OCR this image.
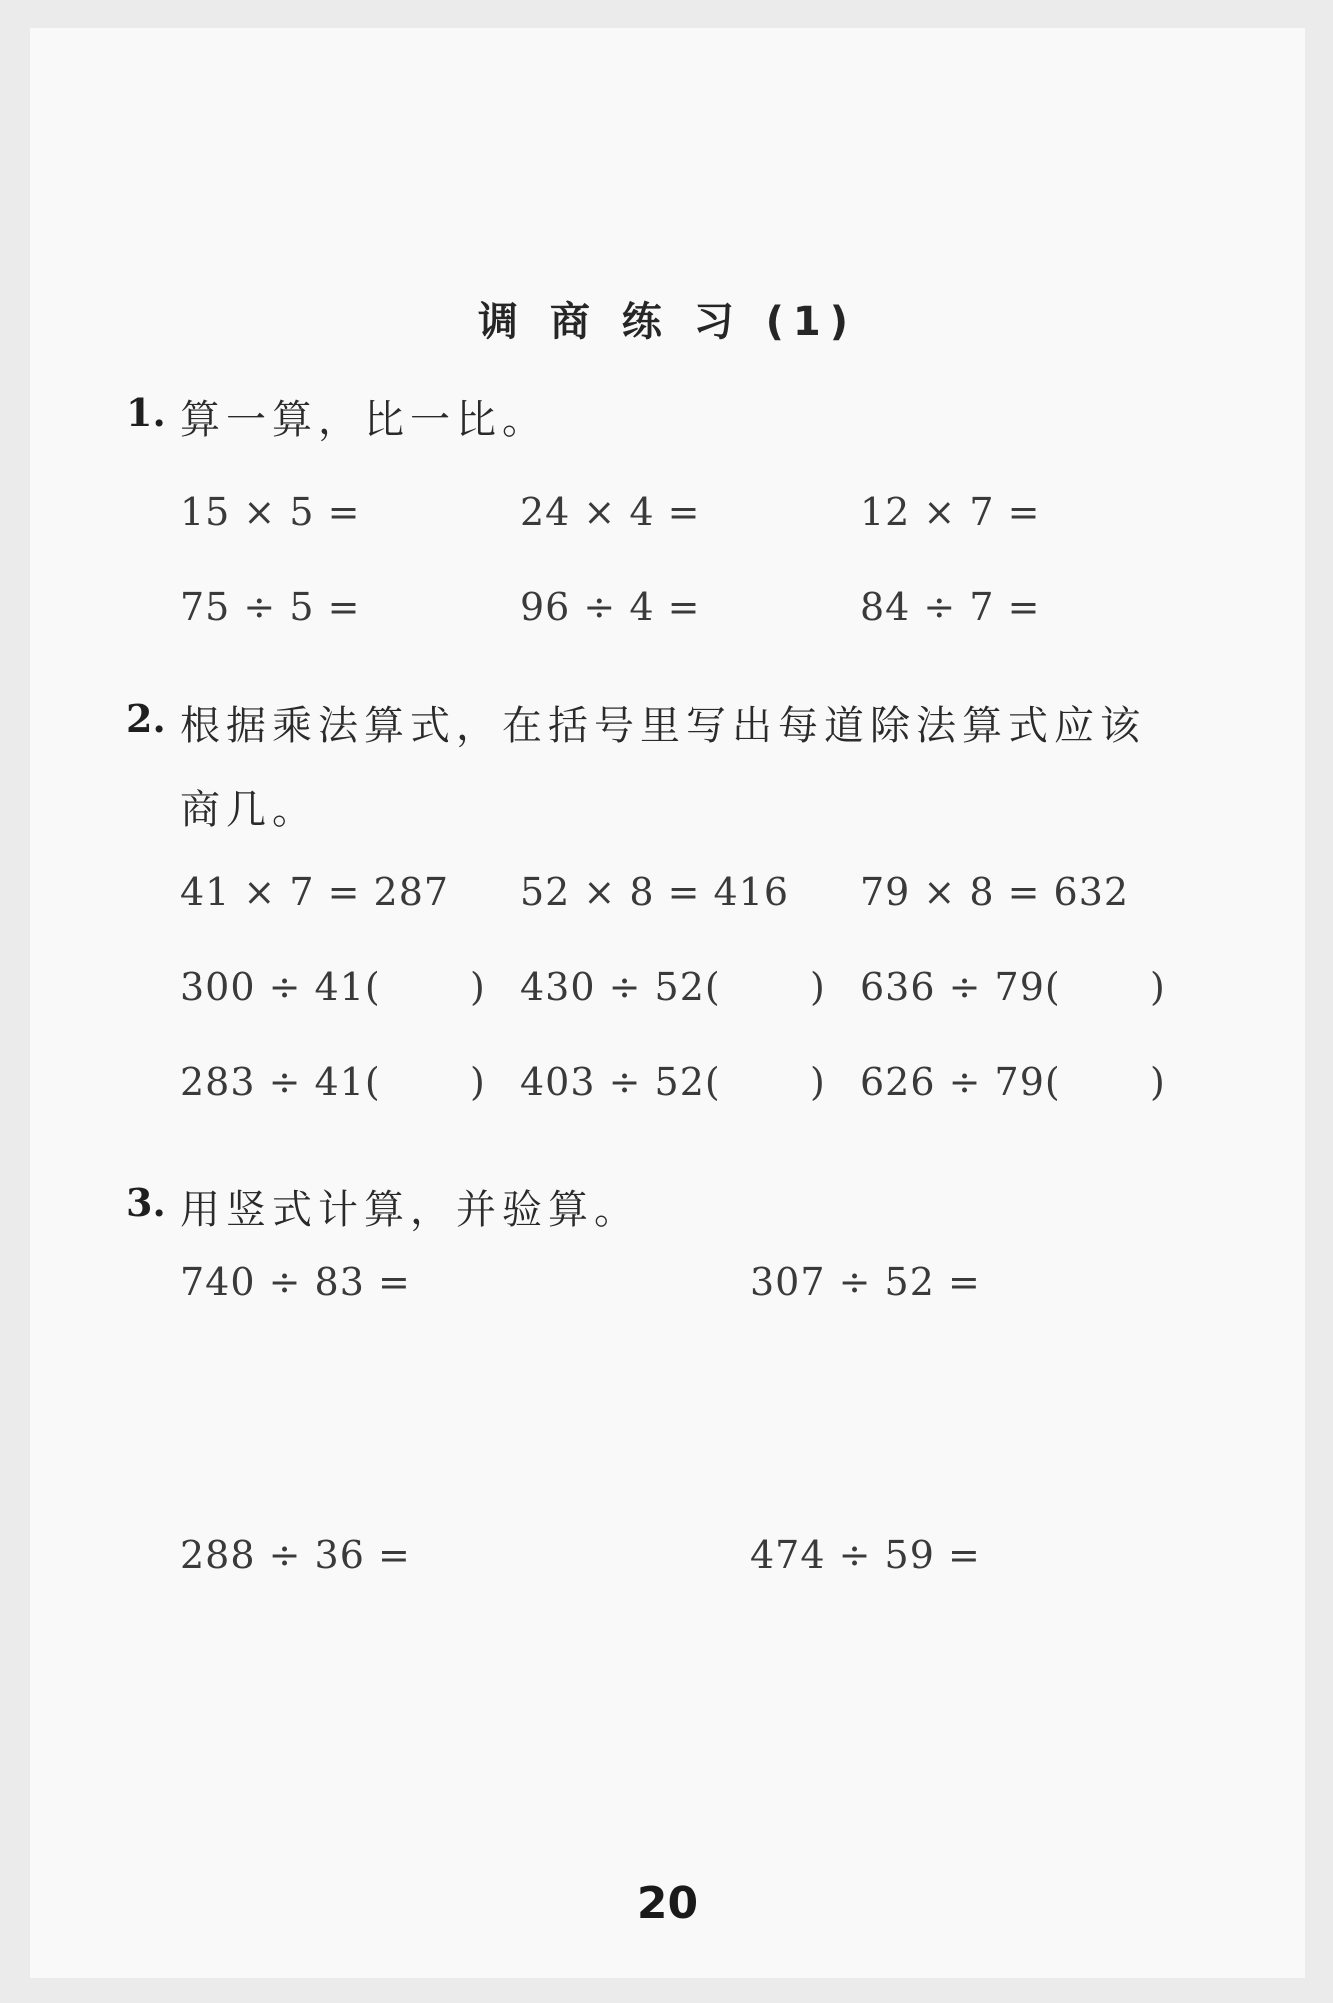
调 商 练 习 (1)
1. 算一算，比一比。
15 × 5 =	24 × 4 =	12 × 7 =
75 ÷ 5 =	96 ÷ 4 =	84 ÷ 7 =
2. 根据乘法算式，在括号里写出每道除法算式应该
商几。
41 × 7 = 287 52 × 8 = 416 79 × 8 = 632
300 ÷ 41( ) 430 ÷ 52( ) 636 ÷ 79( )
283 ÷ 41( ) 403 ÷ 52( ) 626 ÷ 79( )
3. 用竖式计算，并验算。
740 ÷ 83 =	307 ÷ 52 =
288 ÷ 36 =	474 ÷ 59 =
20
